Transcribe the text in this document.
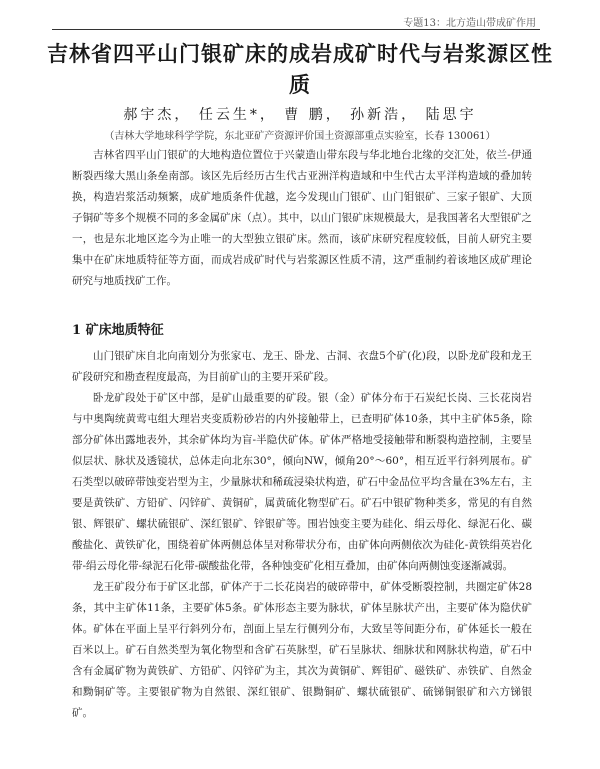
专题13：北方造山带成矿作用
吉林省四平山门银矿床的成岩成矿时代与岩浆源区性质
郝宇杰， 任云生*， 曹 鹏， 孙新浩， 陆思宇
（吉林大学地球科学学院，东北亚矿产资源评价国土资源部重点实验室，长春 130061）

吉林省四平山门银矿的大地构造位置位于兴蒙造山带东段与华北地台北缘的交汇处，依兰-伊通断裂西缘大黑山条垒南部。该区先后经历古生代古亚洲洋构造域和中生代古太平洋构造域的叠加转换，构造岩浆活动频繁，成矿地质条件优越，迄今发现山门银矿、山门钼银矿、三家子银矿、大顶子铜矿等多个规模不同的多金属矿床（点）。其中，以山门银矿床规模最大，是我国著名大型银矿之一，也是东北地区迄今为止唯一的大型独立银矿床。然而，该矿床研究程度较低，目前人研究主要集中在矿床地质特征等方面，而成岩成矿时代与岩浆源区性质不清，这严重制约着该地区成矿理论研究与地质找矿工作。

1 矿床地质特征

山门银矿床自北向南划分为张家屯、龙王、卧龙、古洞、衣盘5个矿(化)段，以卧龙矿段和龙王矿段研究和勘查程度最高，为目前矿山的主要开采矿段。

卧龙矿段处于矿区中部，是矿山最重要的矿段。银（金）矿体分布于石炭纪长岗、三长花岗岩与中奥陶统黄莺屯组大理岩夹变质粉砂岩的内外接触带上，已查明矿体10条，其中主矿体5条，除部分矿体出露地表外，其余矿体均为盲-半隐伏矿体。矿体严格地受接触带和断裂构造控制，主要呈似层状、脉状及透镜状，总体走向北东30°，倾向NW，倾角20°～60°，相互近平行斜列展布。矿石类型以破碎带蚀变岩型为主，少量脉状和稀疏浸染状构造，矿石中金品位平均含量在3%左右，主要是黄铁矿、方铅矿、闪锌矿、黄铜矿，属黄硫化物型矿石。矿石中银矿物种类多，常见的有自然银、辉银矿、螺状硫银矿、深红银矿、锌银矿等。围岩蚀变主要为硅化、绢云母化、绿泥石化、碳酸盐化、黄铁矿化，围绕着矿体两侧总体呈对称带状分布，由矿体向两侧依次为硅化-黄铁绢英岩化带-绢云母化带-绿泥石化带-碳酸盐化带，各种蚀变矿化相互叠加，由矿体向两侧蚀变逐渐减弱。

龙王矿段分布于矿区北部，矿体产于二长花岗岩的破碎带中，矿体受断裂控制，共圈定矿体28条，其中主矿体11条，主要矿体5条。矿体形态主要为脉状，矿体呈脉状产出，主要矿体为隐伏矿体。矿体在平面上呈平行斜列分布，剖面上呈左行侧列分布，大致呈等间距分布，矿体延长一般在百米以上。矿石自然类型为氧化物型和含矿石英脉型，矿石呈脉状、细脉状和网脉状构造，矿石中含有金属矿物为黄铁矿、方铅矿、闪锌矿为主，其次为黄铜矿、辉钼矿、磁铁矿、赤铁矿、自然金和黝铜矿等。主要银矿物为自然银、深红银矿、银黝铜矿、螺状硫银矿、硫锑铜银矿和六方锑银矿。
